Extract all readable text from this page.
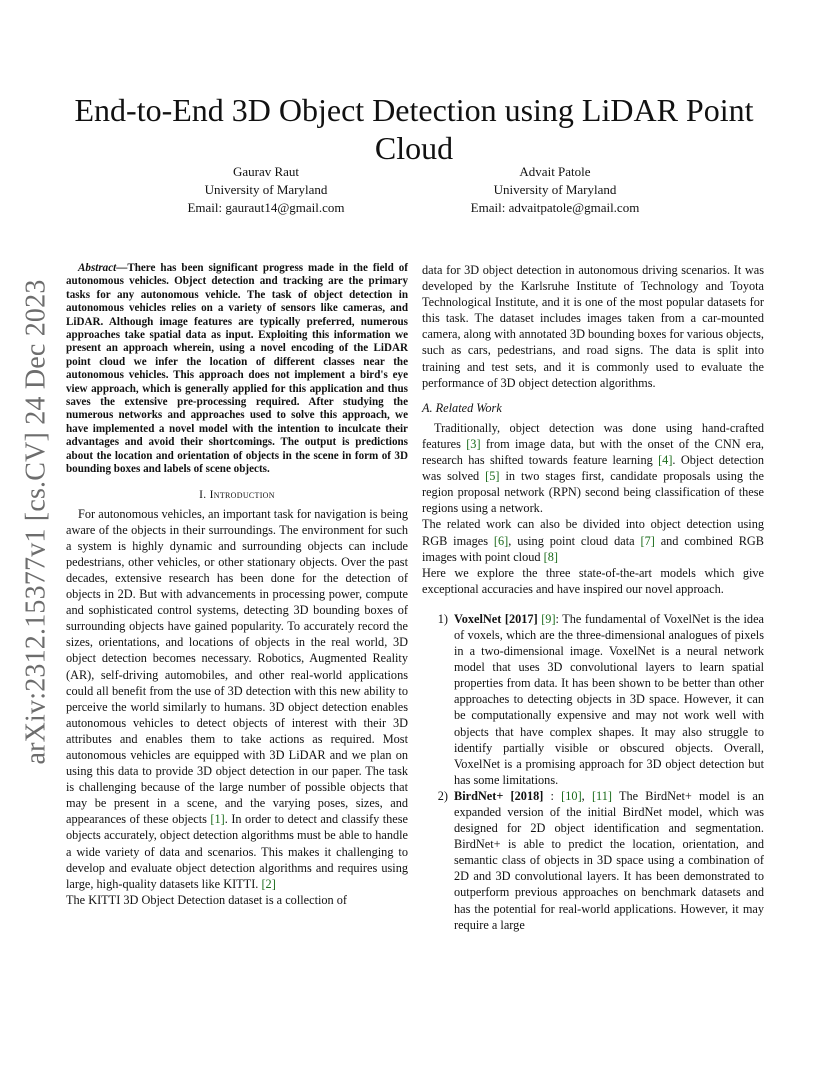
arXiv:2312.15377v1 [cs.CV] 24 Dec 2023
End-to-End 3D Object Detection using LiDAR Point Cloud
Gaurav Raut
University of Maryland
Email: gauraut14@gmail.com
Advait Patole
University of Maryland
Email: advaitpatole@gmail.com

Abstract—There has been significant progress made in the field of autonomous vehicles. Object detection and tracking are the primary tasks for any autonomous vehicle. The task of object detection in autonomous vehicles relies on a variety of sensors like cameras, and LiDAR. Although image features are typically preferred, numerous approaches take spatial data as input. Exploiting this information we present an approach wherein, using a novel encoding of the LiDAR point cloud we infer the location of different classes near the autonomous vehicles. This approach does not implement a bird's eye view approach, which is generally applied for this application and thus saves the extensive pre-processing required. After studying the numerous networks and approaches used to solve this approach, we have implemented a novel model with the intention to inculcate their advantages and avoid their shortcomings. The output is predictions about the location and orientation of objects in the scene in form of 3D bounding boxes and labels of scene objects.

I. Introduction

For autonomous vehicles, an important task for navigation is being aware of the objects in their surroundings. The environment for such a system is highly dynamic and surrounding objects can include pedestrians, other vehicles, or other stationary objects. Over the past decades, extensive research has been done for the detection of objects in 2D. But with advancements in processing power, compute and sophisticated control systems, detecting 3D bounding boxes of surrounding objects have gained popularity. To accurately record the sizes, orientations, and locations of objects in the real world, 3D object detection becomes necessary. Robotics, Augmented Reality (AR), self-driving automobiles, and other real-world applications could all benefit from the use of 3D detection with this new ability to perceive the world similarly to humans. 3D object detection enables autonomous vehicles to detect objects of interest with their 3D attributes and enables them to take actions as required. Most autonomous vehicles are equipped with 3D LiDAR and we plan on using this data to provide 3D object detection in our paper. The task is challenging because of the large number of possible objects that may be present in a scene, and the varying poses, sizes, and appearances of these objects [1]. In order to detect and classify these objects accurately, object detection algorithms must be able to handle a wide variety of data and scenarios. This makes it challenging to develop and evaluate object detection algorithms and requires using large, high-quality datasets like KITTI. [2]

The KITTI 3D Object Detection dataset is a collection of

data for 3D object detection in autonomous driving scenarios. It was developed by the Karlsruhe Institute of Technology and Toyota Technological Institute, and it is one of the most popular datasets for this task. The dataset includes images taken from a car-mounted camera, along with annotated 3D bounding boxes for various objects, such as cars, pedestrians, and road signs. The data is split into training and test sets, and it is commonly used to evaluate the performance of 3D object detection algorithms.

A. Related Work

Traditionally, object detection was done using hand-crafted features [3] from image data, but with the onset of the CNN era, research has shifted towards feature learning [4]. Object detection was solved [5] in two stages first, candidate proposals using the region proposal network (RPN) second being classification of these regions using a network.

The related work can also be divided into object detection using RGB images [6], using point cloud data [7] and combined RGB images with point cloud [8]

Here we explore the three state-of-the-art models which give exceptional accuracies and have inspired our novel approach.

1) VoxelNet [2017] [9]: The fundamental of VoxelNet is the idea of voxels, which are the three-dimensional analogues of pixels in a two-dimensional image. VoxelNet is a neural network model that uses 3D convolutional layers to learn spatial properties from data. It has been shown to be better than other approaches to detecting objects in 3D space. However, it can be computationally expensive and may not work well with objects that have complex shapes. It may also struggle to identify partially visible or obscured objects. Overall, VoxelNet is a promising approach for 3D object detection but has some limitations.
2) BirdNet+ [2018] : [10], [11] The BirdNet+ model is an expanded version of the initial BirdNet model, which was designed for 2D object identification and segmentation. BirdNet+ is able to predict the location, orientation, and semantic class of objects in 3D space using a combination of 2D and 3D convolutional layers. It has been demonstrated to outperform previous approaches on benchmark datasets and has the potential for real-world applications. However, it may require a large
